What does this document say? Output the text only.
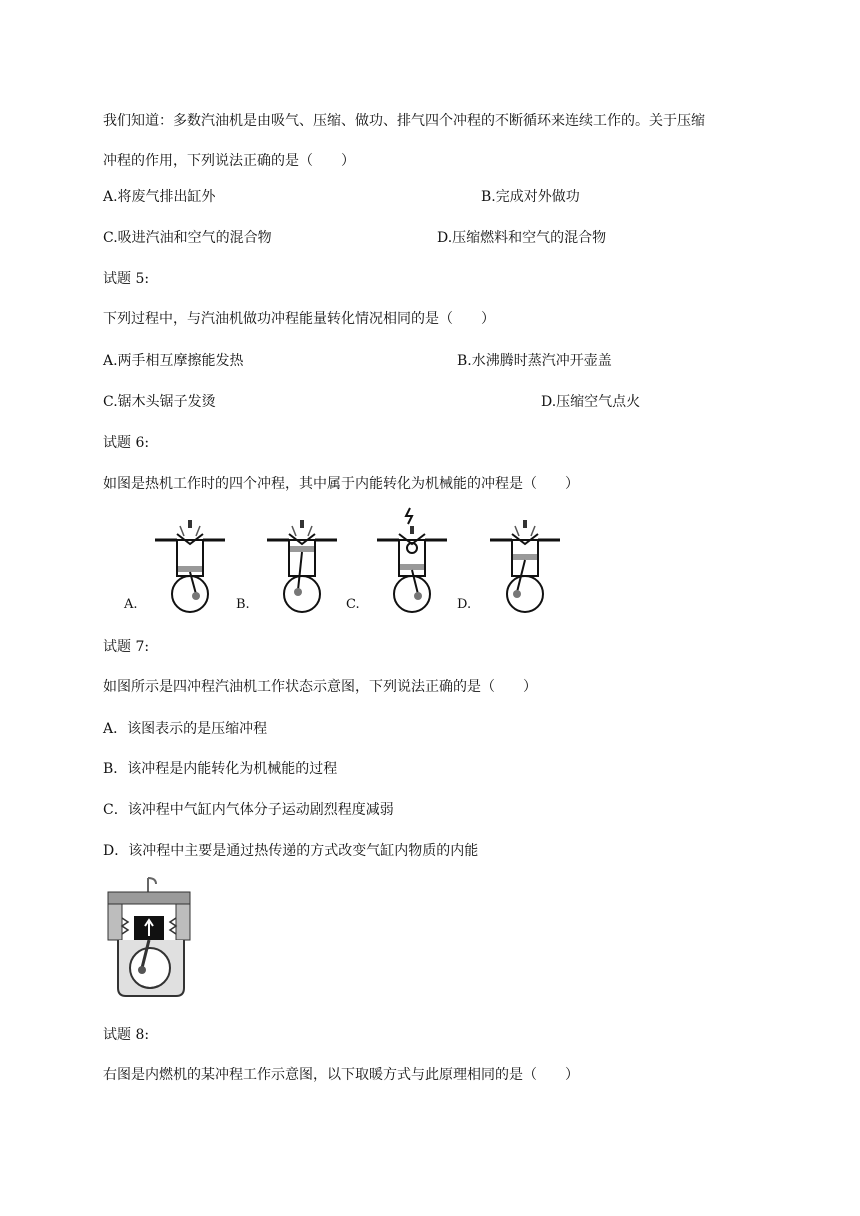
我们知道：多数汽油机是由吸气、压缩、做功、排气四个冲程的不断循环来连续工作的。关于压缩
冲程的作用，下列说法正确的是（　　）
A.将废气排出缸外	B.完成对外做功
C.吸进汽油和空气的混合物	D.压缩燃料和空气的混合物
试题 5:
下列过程中，与汽油机做功冲程能量转化情况相同的是（　　）
A.两手相互摩擦能发热	B.水沸腾时蒸汽冲开壶盖
C.锯木头锯子发烫	D.压缩空气点火
试题 6:
如图是热机工作时的四个冲程，其中属于内能转化为机械能的冲程是（　　）
A.	B.	C.	D.
试题 7:
如图所示是四冲程汽油机工作状态示意图，下列说法正确的是（　　）
A．该图表示的是压缩冲程
B．该冲程是内能转化为机械能的过程
C．该冲程中气缸内气体分子运动剧烈程度减弱
D．该冲程中主要是通过热传递的方式改变气缸内物质的内能
试题 8:
右图是内燃机的某冲程工作示意图，以下取暖方式与此原理相同的是（　　）
